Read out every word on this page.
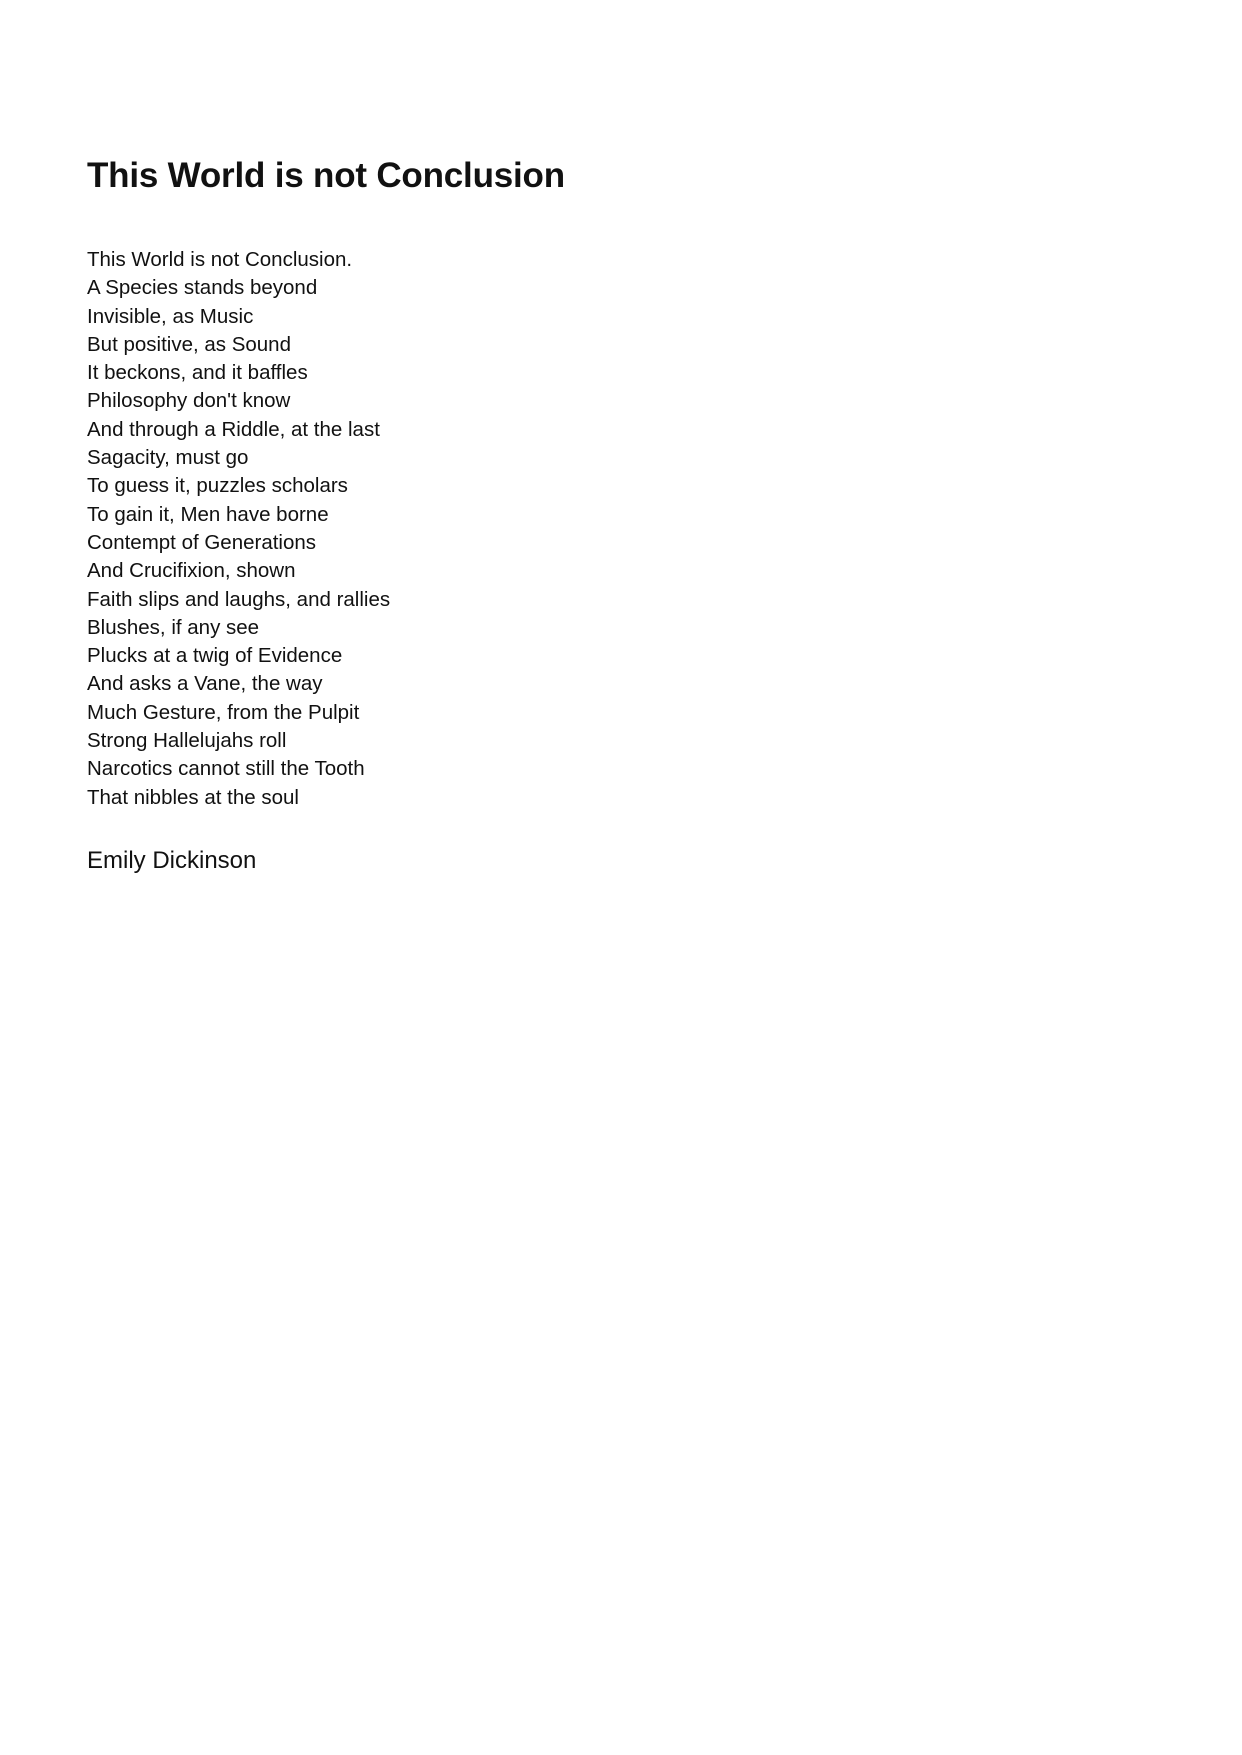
This World is not Conclusion
This World is not Conclusion.
A Species stands beyond
Invisible, as Music
But positive, as Sound
It beckons, and it baffles
Philosophy don't know
And through a Riddle, at the last
Sagacity, must go
To guess it, puzzles scholars
To gain it, Men have borne
Contempt of Generations
And Crucifixion, shown
Faith slips and laughs, and rallies
Blushes, if any see
Plucks at a twig of Evidence
And asks a Vane, the way
Much Gesture, from the Pulpit
Strong Hallelujahs roll
Narcotics cannot still the Tooth
That nibbles at the soul

Emily Dickinson
